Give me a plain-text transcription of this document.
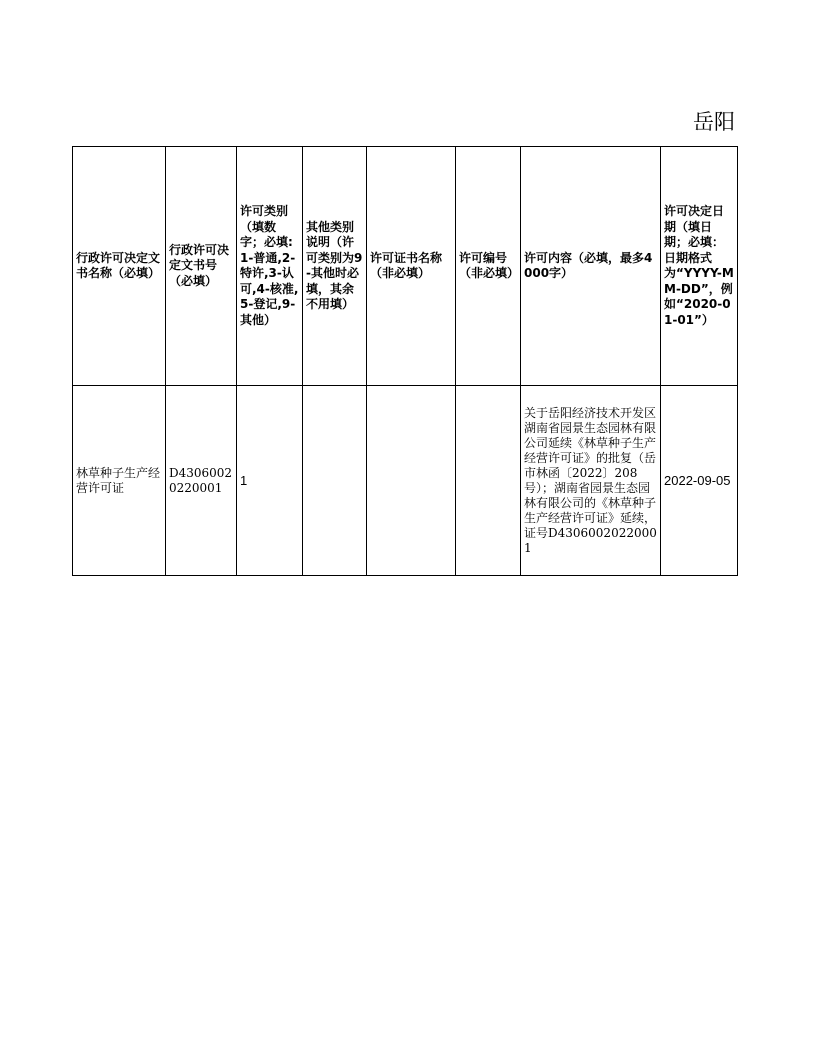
岳阳
行政许可决定文书名称（必填）	行政许可决定文书号（必填）	许可类别（填数字；必填:1-普通,2-特许,3-认可,4-核准,5-登记,9-其他）	其他类别说明（许可类别为9-其他时必填，其余不用填）	许可证书名称（非必填）	许可编号（非必填）	许可内容（必填，最多4000字）	许可决定日期（填日期；必填：日期格式为“YYYY-MM-DD”，例如“2020-01-01”）
林草种子生产经营许可证	D43060020220001	1				关于岳阳经济技术开发区湖南省园景生态园林有限公司延续《林草种子生产经营许可证》的批复（岳市林函〔2022〕208 号）；湖南省园景生态园林有限公司的《林草种子生产经营许可证》延续，证号D43060020220001	2022-09-05
